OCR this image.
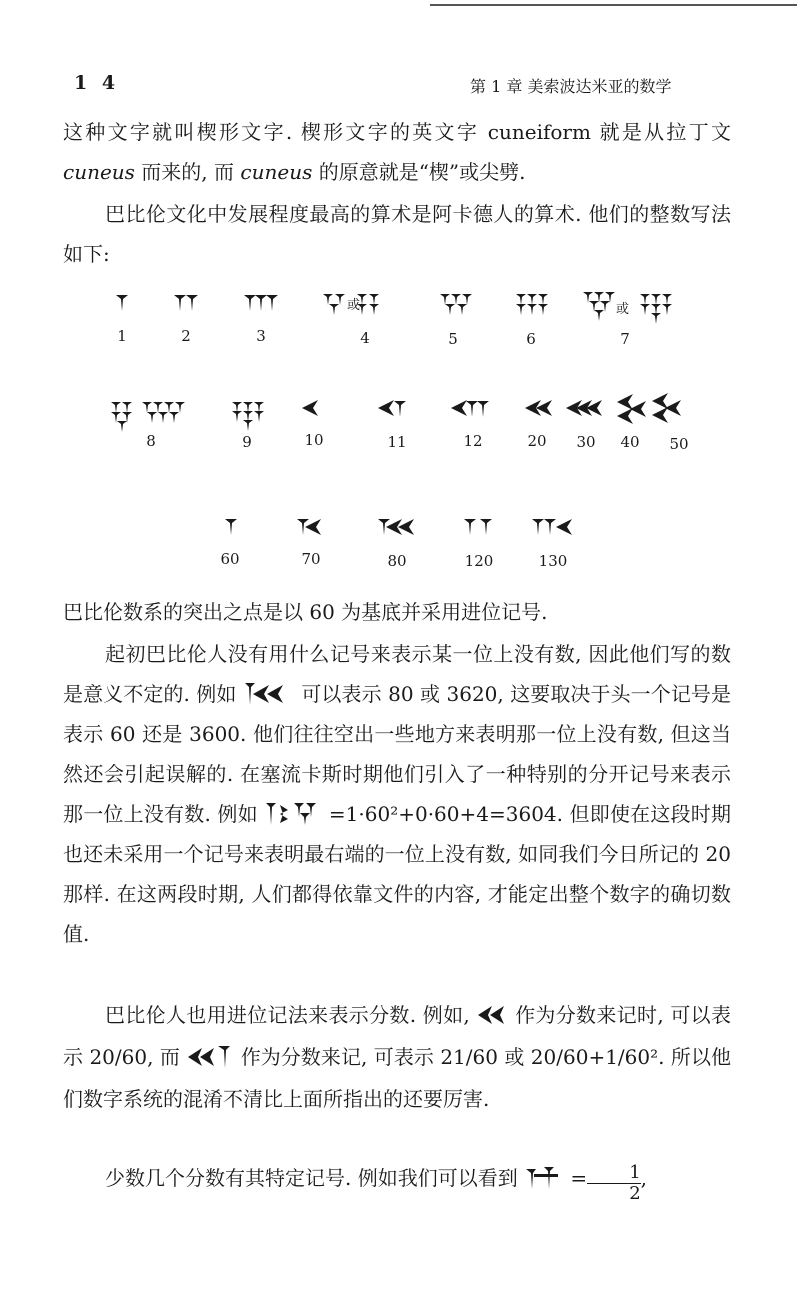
1 4	第 1 章 美索波达米亚的数学

这种文字就叫楔形文字. 楔形文字的英文字 cuneiform 就是从拉丁文 cuneus 而来的, 而 cuneus 的原意就是“楔”或尖劈.

巴比伦文化中发展程度最高的算术是阿卡德人的算术. 他们的整数写法如下:

或	或
1	2	3	4	5	6	7
8	9	10	11	12	20 30 40 50
60	70	80	120	130

巴比伦数系的突出之点是以 60 为基底并采用进位记号.

起初巴比伦人没有用什么记号来表示某一位上没有数, 因此他们写的数是意义不定的. 例如	可以表示 80 或 3620, 这要取决于头一个记号是表示 60 还是 3600. 他们往往空出一些地方来表明那一位上没有数, 但这当然还会引起误解的. 在塞流卡斯时期他们引入了一种特别的分开记号来表示那一位上没有数. 例如	=1·60²+0·60+4=3604. 但即使在这段时期也还未采用一个记号来表明最右端的一位上没有数, 如同我们今日所记的 20 那样. 在这两段时期, 人们都得依靠文件的内容, 才能定出整个数字的确切数值.

巴比伦人也用进位记法来表示分数. 例如,  作为分数来记时, 可以表示 20/60, 而  作为分数来记, 可表示 21/60 或 20/60+1/60². 所以他们数字系统的混淆不清比上面所指出的还要厉害.

少数几个分数有其特定记号. 例如我们可以看到  = $\frac{1}{2}$ ,
